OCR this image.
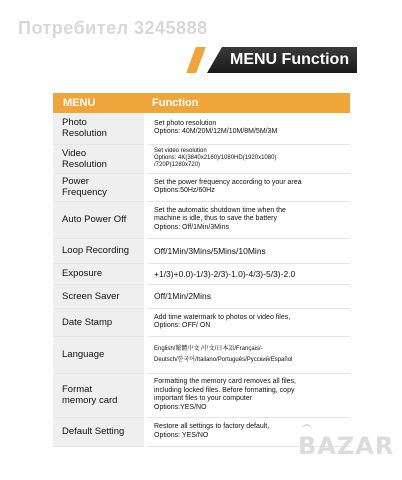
Потребител 3245888
MENU Function
MENU	Function
Photo
Resolution	Set photo resolution
Options: 40M/20M/12M/10M/8M/5M/3M
Video
Resolution	Set video resolution
Options: 4K(3840x2160)/1080HD(1920x1080)
/720P(1280x720)
Power
Frequency	Set the power frequency according to your area
Options:50Hz/60Hz
Auto Power Off	Set the automatic shutdown time when the
machine is idle, thus to save the battery
Options: Off/1Min/3Mins
Loop Recording	Off/1Min/3Mins/5Mins/10Mins
Exposure	+1/3)+0.0)-1/3)-2/3)-1.0)-4/3)-5/3)-2.0
Screen Saver	Off/1Min/2Mins
Date Stamp	Add time watermark to photos or video files,
Options: OFF/ ON
Language	English/繁體中文 /中文/日本語/Français/-
Deutsch/한국어/Italiano/Português/Русский/Español
Format
memory card	Formatting the memory card removes all files,
including locked files. Before formatting, copy
important files to your computer
Options:YES/NO
Default Setting	Restore all settings to factory default,
Options: YES/NO	BAZAR
